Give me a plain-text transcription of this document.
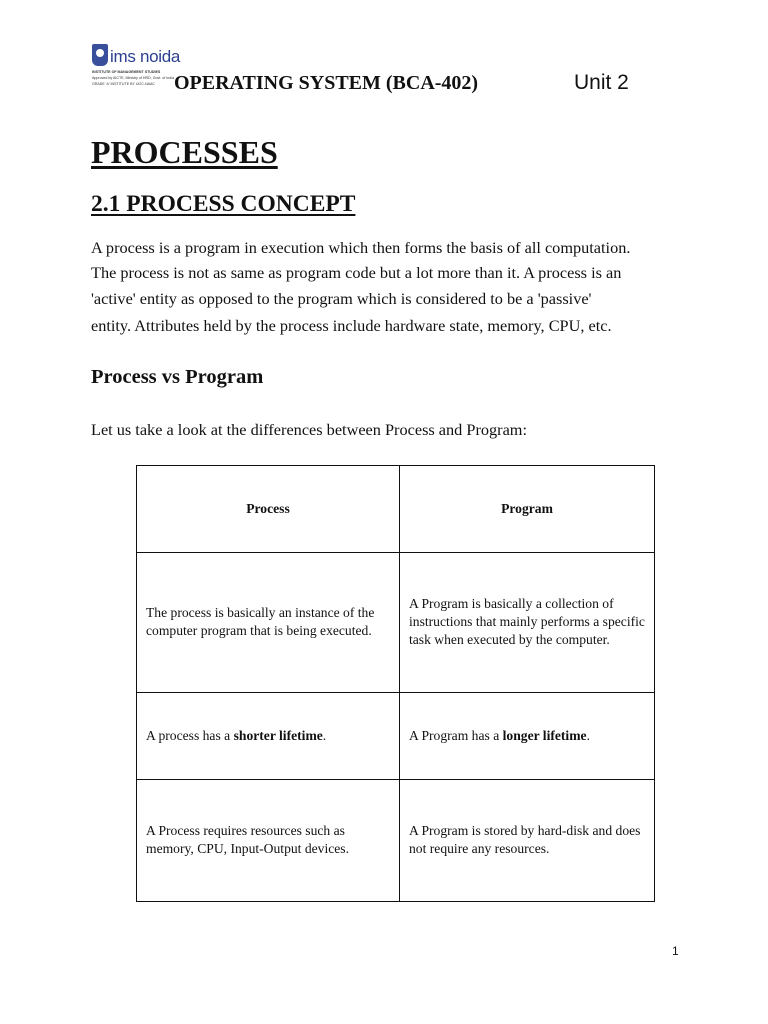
ims noida
INSTITUTE OF MANAGEMENT STUDIES
Approved by AICTE, Ministry of HRD, Govt. of India
GRADE 'A' INSTITUTE BY UGC-NAAC OPERATING SYSTEM (BCA-402)	Unit 2
PROCESSES
2.1 PROCESS CONCEPT
A process is a program in execution which then forms the basis of all computation.
The process is not as same as program code but a lot more than it. A process is an
'active' entity as opposed to the program which is considered to be a 'passive'
entity. Attributes held by the process include hardware state, memory, CPU, etc.
Process vs Program
Let us take a look at the differences between Process and Program:
Process	Program
The process is basically an instance of the computer program that is being executed.	A Program is basically a collection of instructions that mainly performs a specific task when executed by the computer.
A process has a shorter lifetime.	A Program has a longer lifetime.
A Process requires resources such as memory, CPU, Input-Output devices.	A Program is stored by hard-disk and does not require any resources.
1
